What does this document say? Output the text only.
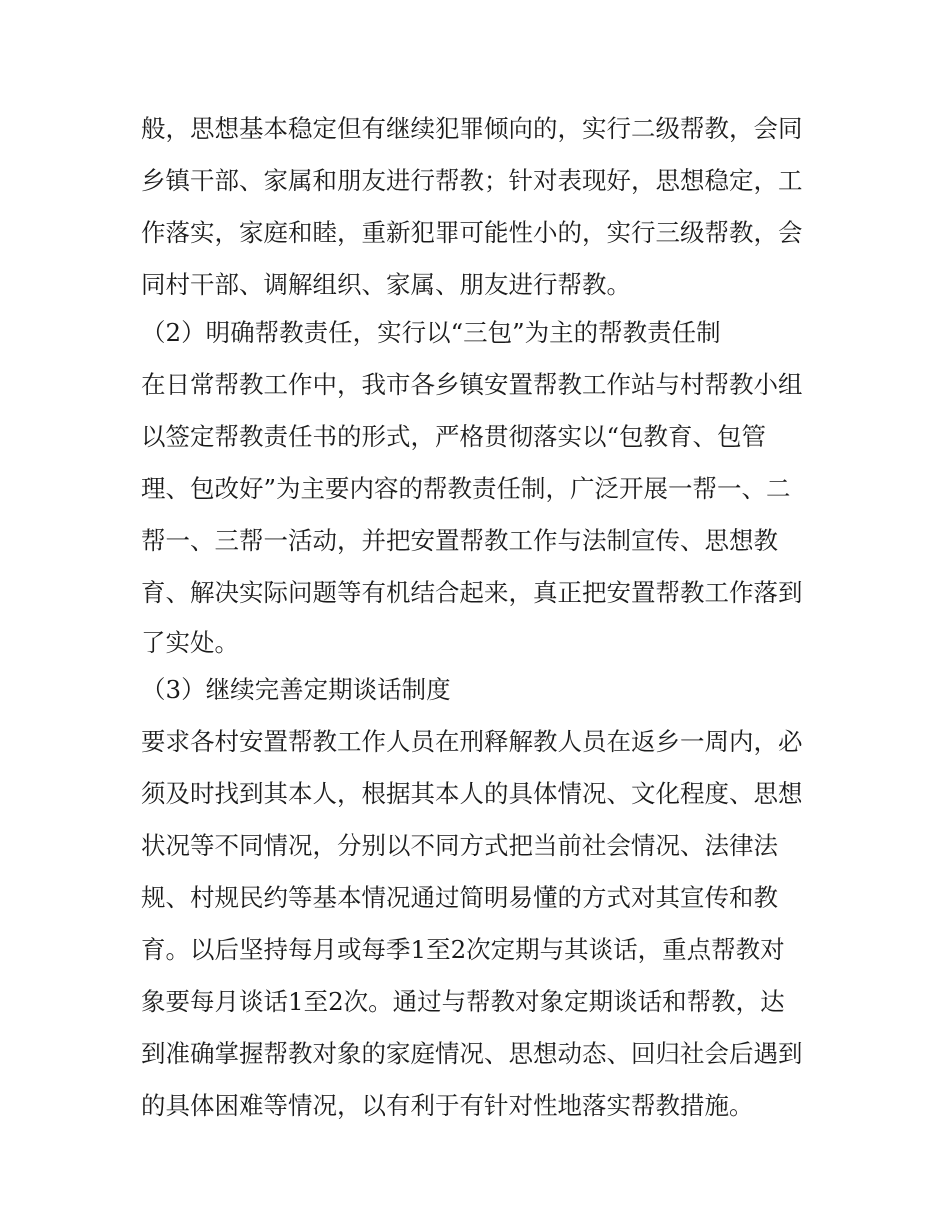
般，思想基本稳定但有继续犯罪倾向的，实行二级帮教，会同

乡镇干部、家属和朋友进行帮教；针对表现好，思想稳定，工

作落实，家庭和睦，重新犯罪可能性小的，实行三级帮教，会

同村干部、调解组织、家属、朋友进行帮教。

（2）明确帮教责任，实行以“三包”为主的帮教责任制

在日常帮教工作中，我市各乡镇安置帮教工作站与村帮教小组

以签定帮教责任书的形式，严格贯彻落实以“包教育、包管

理、包改好”为主要内容的帮教责任制，广泛开展一帮一、二

帮一、三帮一活动，并把安置帮教工作与法制宣传、思想教

育、解决实际问题等有机结合起来，真正把安置帮教工作落到

了实处。

（3）继续完善定期谈话制度

要求各村安置帮教工作人员在刑释解教人员在返乡一周内，必

须及时找到其本人，根据其本人的具体情况、文化程度、思想

状况等不同情况，分别以不同方式把当前社会情况、法律法

规、村规民约等基本情况通过简明易懂的方式对其宣传和教

育。以后坚持每月或每季1至2次定期与其谈话，重点帮教对

象要每月谈话1至2次。通过与帮教对象定期谈话和帮教，达

到准确掌握帮教对象的家庭情况、思想动态、回归社会后遇到

的具体困难等情况，以有利于有针对性地落实帮教措施。
